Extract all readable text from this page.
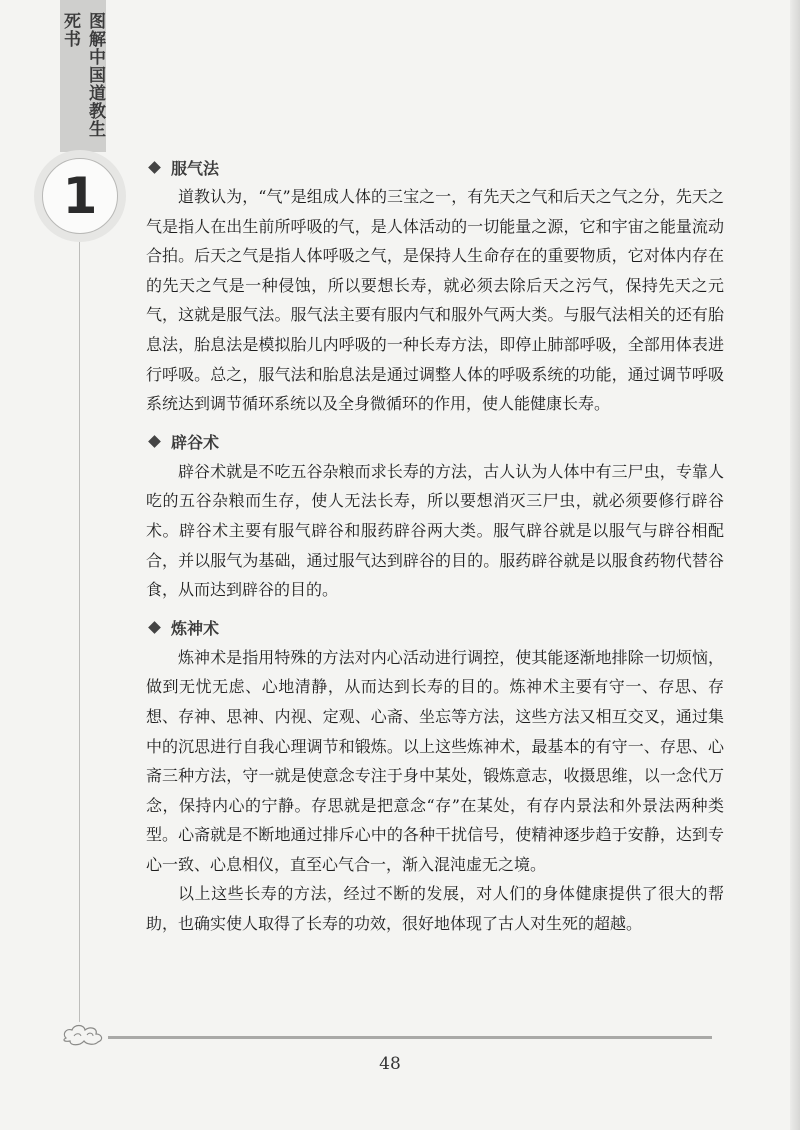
图解中国道教生死书
1	服气法

道教认为，“气”是组成人体的三宝之一，有先天之气和后天之气之分，先天之气是指人在出生前所呼吸的气，是人体活动的一切能量之源，它和宇宙之能量流动合拍。后天之气是指人体呼吸之气，是保持人生命存在的重要物质，它对体内存在的先天之气是一种侵蚀，所以要想长寿，就必须去除后天之污气，保持先天之元气，这就是服气法。服气法主要有服内气和服外气两大类。与服气法相关的还有胎息法，胎息法是模拟胎儿内呼吸的一种长寿方法，即停止肺部呼吸，全部用体表进行呼吸。总之，服气法和胎息法是通过调整人体的呼吸系统的功能，通过调节呼吸系统达到调节循环系统以及全身微循环的作用，使人能健康长寿。

辟谷术

辟谷术就是不吃五谷杂粮而求长寿的方法，古人认为人体中有三尸虫，专靠人吃的五谷杂粮而生存，使人无法长寿，所以要想消灭三尸虫，就必须要修行辟谷术。辟谷术主要有服气辟谷和服药辟谷两大类。服气辟谷就是以服气与辟谷相配合，并以服气为基础，通过服气达到辟谷的目的。服药辟谷就是以服食药物代替谷食，从而达到辟谷的目的。

炼神术

炼神术是指用特殊的方法对内心活动进行调控，使其能逐渐地排除一切烦恼，做到无忧无虑、心地清静，从而达到长寿的目的。炼神术主要有守一、存思、存想、存神、思神、内视、定观、心斋、坐忘等方法，这些方法又相互交叉，通过集中的沉思进行自我心理调节和锻炼。以上这些炼神术，最基本的有守一、存思、心斋三种方法，守一就是使意念专注于身中某处，锻炼意志，收摄思维，以一念代万念，保持内心的宁静。存思就是把意念“存”在某处，有存内景法和外景法两种类型。心斋就是不断地通过排斥心中的各种干扰信号，使精神逐步趋于安静，达到专心一致、心息相仪，直至心气合一，渐入混沌虚无之境。

以上这些长寿的方法，经过不断的发展，对人们的身体健康提供了很大的帮助，也确实使人取得了长寿的功效，很好地体现了古人对生死的超越。

48
